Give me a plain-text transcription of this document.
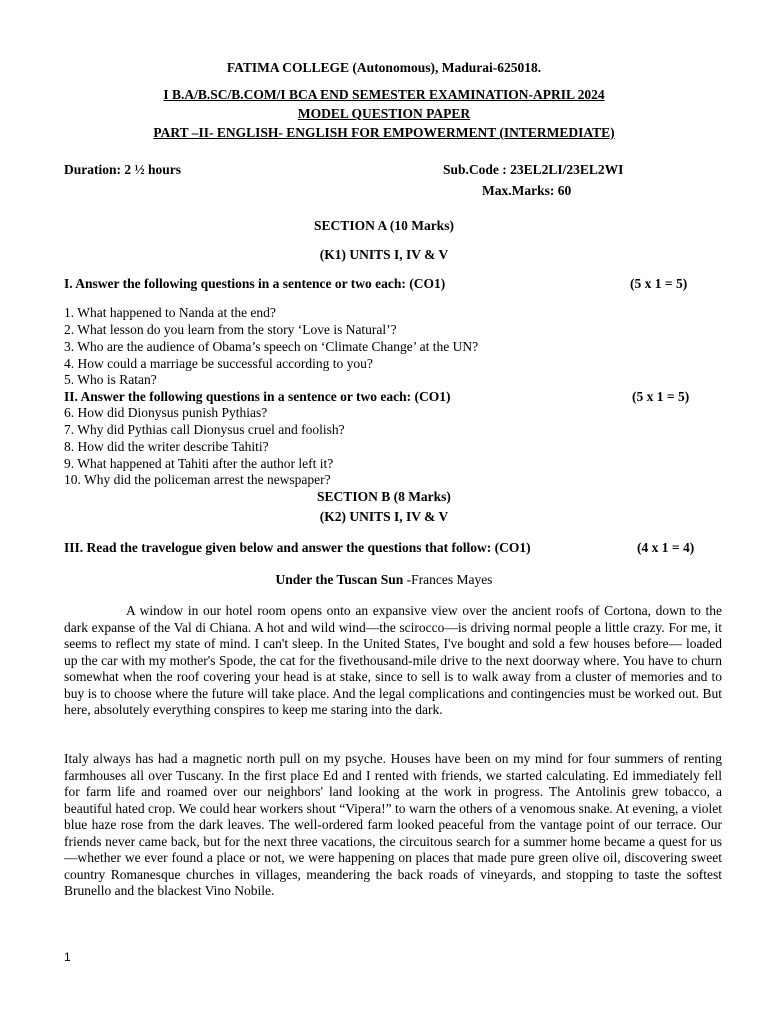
FATIMA COLLEGE (Autonomous), Madurai-625018.
I B.A/B.SC/B.COM/I BCA END SEMESTER EXAMINATION-APRIL 2024
MODEL QUESTION PAPER
PART –II- ENGLISH- ENGLISH FOR EMPOWERMENT (INTERMEDIATE)
Duration: 2 ½ hours	Sub.Code : 23EL2LI/23EL2WI
Max.Marks: 60
SECTION A (10 Marks)
(K1) UNITS I, IV & V
I. Answer the following questions in a sentence or two each: (CO1)	(5 x 1 = 5)
1. What happened to Nanda at the end?
2. What lesson do you learn from the story ‘Love is Natural’?
3. Who are the audience of Obama’s speech on ‘Climate Change’ at the UN?
4. How could a marriage be successful according to you?
5. Who is Ratan?
II. Answer the following questions in a sentence or two each: (CO1)	(5 x 1 = 5)
6. How did Dionysus punish Pythias?
7. Why did Pythias call Dionysus cruel and foolish?
8. How did the writer describe Tahiti?
9. What happened at Tahiti after the author left it?
10. Why did the policeman arrest the newspaper?
SECTION B (8 Marks)
(K2) UNITS I, IV & V
III. Read the travelogue given below and answer the questions that follow: (CO1)	(4 x 1 = 4)
Under the Tuscan Sun -Frances Mayes
A window in our hotel room opens onto an expansive view over the ancient roofs of Cortona, down to the dark expanse of the Val di Chiana. A hot and wild wind—the scirocco—is driving normal people a little crazy. For me, it seems to reflect my state of mind. I can't sleep. In the United States, I've bought and sold a few houses before— loaded up the car with my mother's Spode, the cat for the fivethousand-mile drive to the next doorway where. You have to churn somewhat when the roof covering your head is at stake, since to sell is to walk away from a cluster of memories and to buy is to choose where the future will take place. And the legal complications and contingencies must be worked out. But here, absolutely everything conspires to keep me staring into the dark.
Italy always has had a magnetic north pull on my psyche. Houses have been on my mind for four summers of renting farmhouses all over Tuscany. In the first place Ed and I rented with friends, we started calculating. Ed immediately fell for farm life and roamed over our neighbors' land looking at the work in progress. The Antolinis grew tobacco, a beautiful hated crop. We could hear workers shout “Vipera!” to warn the others of a venomous snake. At evening, a violet blue haze rose from the dark leaves. The well-ordered farm looked peaceful from the vantage point of our terrace. Our friends never came back, but for the next three vacations, the circuitous search for a summer home became a quest for us—whether we ever found a place or not, we were happening on places that made pure green olive oil, discovering sweet country Romanesque churches in villages, meandering the back roads of vineyards, and stopping to taste the softest Brunello and the blackest Vino Nobile.
1
